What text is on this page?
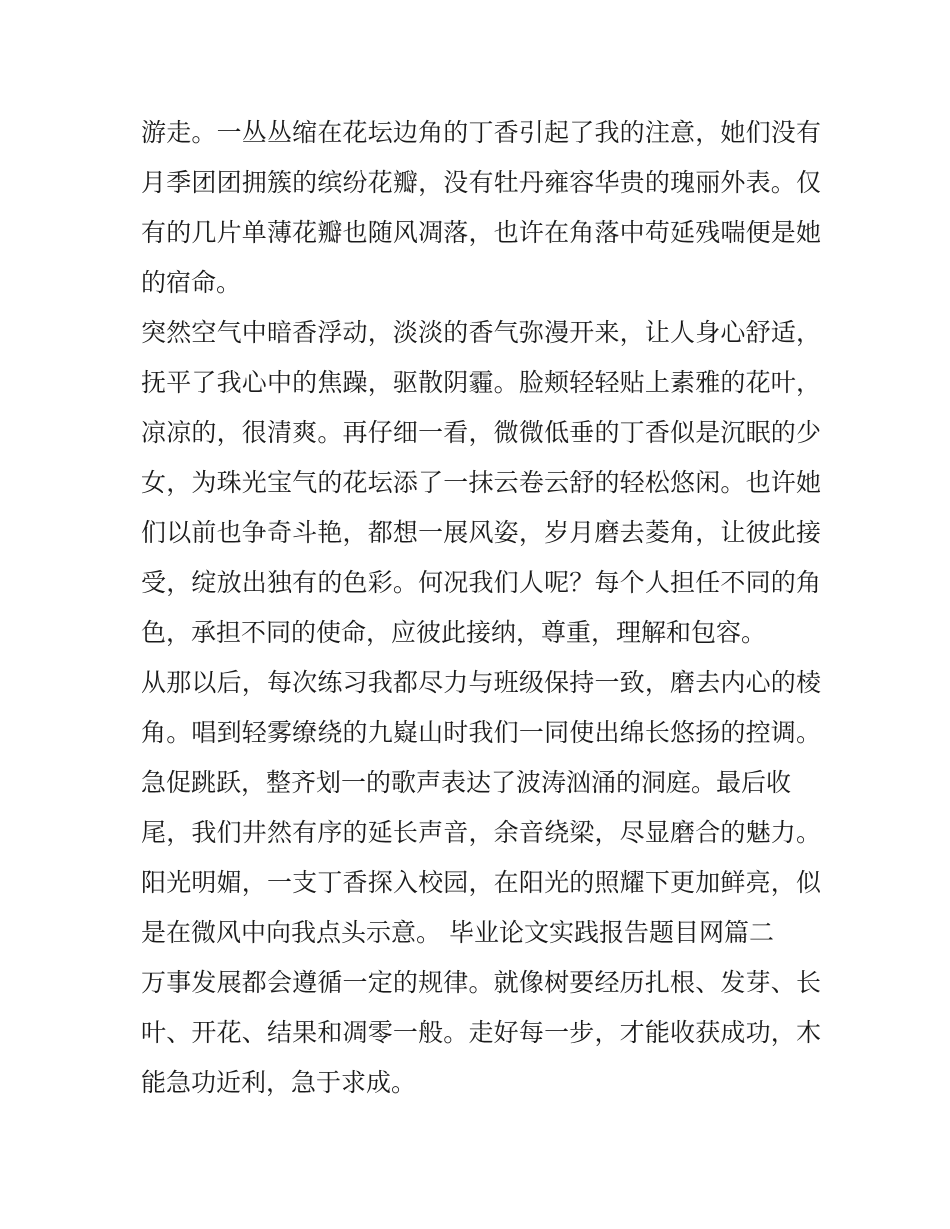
游走。一丛丛缩在花坛边角的丁香引起了我的注意，她们没有
月季团团拥簇的缤纷花瓣，没有牡丹雍容华贵的瑰丽外表。仅
有的几片单薄花瓣也随风凋落，也许在角落中苟延残喘便是她
的宿命。
突然空气中暗香浮动，淡淡的香气弥漫开来，让人身心舒适，
抚平了我心中的焦躁，驱散阴霾。脸颊轻轻贴上素雅的花叶，
凉凉的，很清爽。再仔细一看，微微低垂的丁香似是沉眠的少
女，为珠光宝气的花坛添了一抹云卷云舒的轻松悠闲。也许她
们以前也争奇斗艳，都想一展风姿，岁月磨去菱角，让彼此接
受，绽放出独有的色彩。何况我们人呢？每个人担任不同的角
色，承担不同的使命，应彼此接纳，尊重，理解和包容。
从那以后，每次练习我都尽力与班级保持一致，磨去内心的棱
角。唱到轻雾缭绕的九嶷山时我们一同使出绵长悠扬的控调。
急促跳跃，整齐划一的歌声表达了波涛汹涌的洞庭。最后收
尾，我们井然有序的延长声音，余音绕梁，尽显磨合的魅力。
阳光明媚，一支丁香探入校园，在阳光的照耀下更加鲜亮，似
是在微风中向我点头示意。 毕业论文实践报告题目网篇二
万事发展都会遵循一定的规律。就像树要经历扎根、发芽、长
叶、开花、结果和凋零一般。走好每一步，才能收获成功，木
能急功近利，急于求成。
